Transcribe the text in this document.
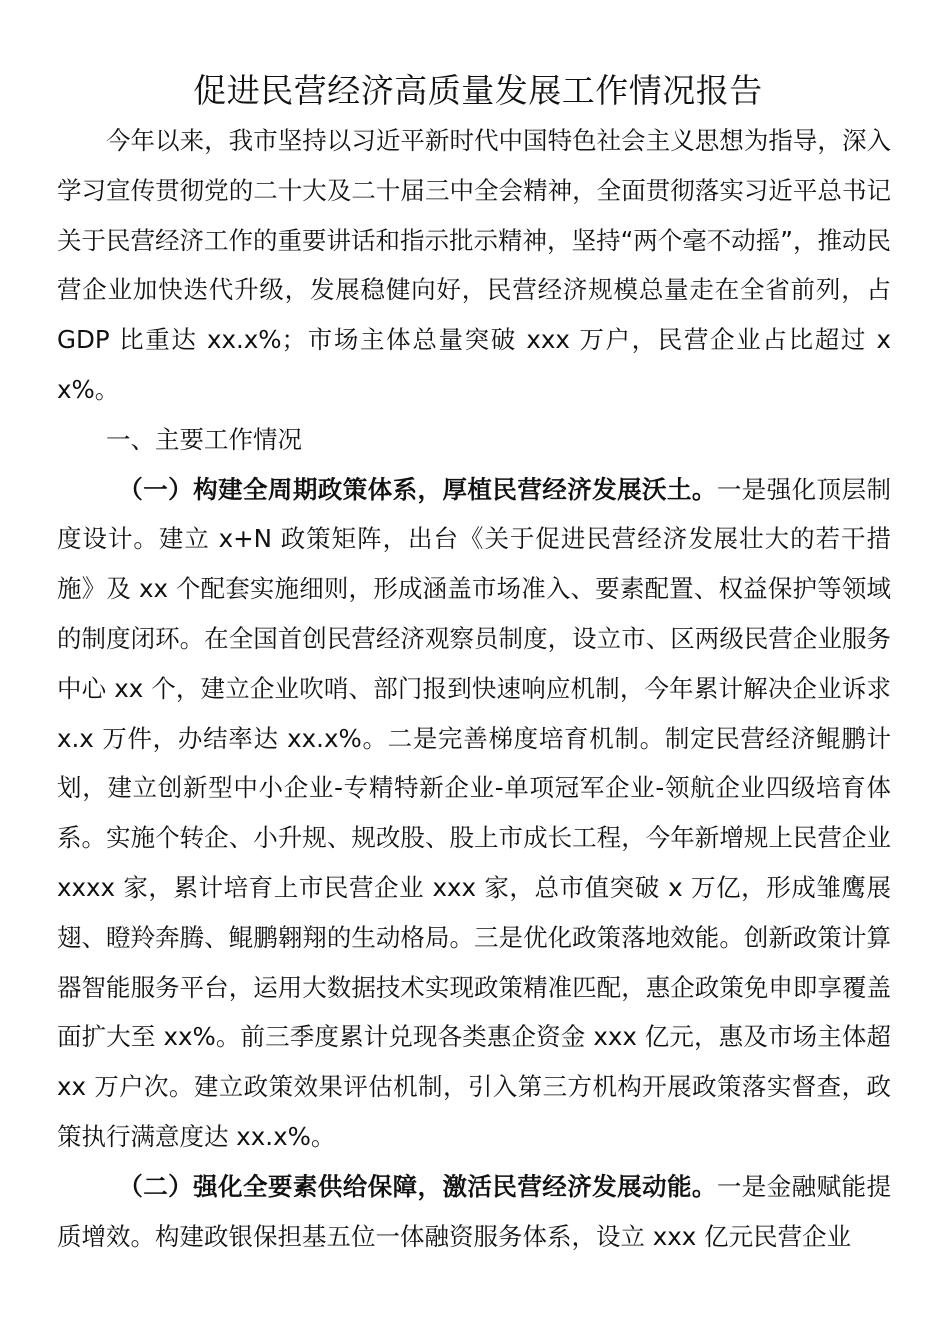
促进民营经济高质量发展工作情况报告

今年以来，我市坚持以习近平新时代中国特色社会主义思想为指导，深入学习宣传贯彻党的二十大及二十届三中全会精神，全面贯彻落实习近平总书记关于民营经济工作的重要讲话和指示批示精神，坚持“两个毫不动摇”，推动民营企业加快迭代升级，发展稳健向好，民营经济规模总量走在全省前列，占 GDP 比重达 xx.x%；市场主体总量突破 xxx 万户，民营企业占比超过 xx%。

一、主要工作情况

（一）构建全周期政策体系，厚植民营经济发展沃土。一是强化顶层制度设计。建立 x+N 政策矩阵，出台《关于促进民营经济发展壮大的若干措施》及 xx 个配套实施细则，形成涵盖市场准入、要素配置、权益保护等领域的制度闭环。在全国首创民营经济观察员制度，设立市、区两级民营企业服务中心 xx 个，建立企业吹哨、部门报到快速响应机制，今年累计解决企业诉求 x.x 万件，办结率达 xx.x%。二是完善梯度培育机制。制定民营经济鲲鹏计划，建立创新型中小企业-专精特新企业-单项冠军企业-领航企业四级培育体系。实施个转企、小升规、规改股、股上市成长工程，今年新增规上民营企业 xxxx 家，累计培育上市民营企业 xxx 家，总市值突破 x 万亿，形成雏鹰展翅、瞪羚奔腾、鲲鹏翱翔的生动格局。三是优化政策落地效能。创新政策计算器智能服务平台，运用大数据技术实现政策精准匹配，惠企政策免申即享覆盖面扩大至 xx%。前三季度累计兑现各类惠企资金 xxx 亿元，惠及市场主体超 xx 万户次。建立政策效果评估机制，引入第三方机构开展政策落实督查，政策执行满意度达 xx.x%。

（二）强化全要素供给保障，激活民营经济发展动能。一是金融赋能提质增效。构建政银保担基五位一体融资服务体系，设立 xxx 亿元民营企业
